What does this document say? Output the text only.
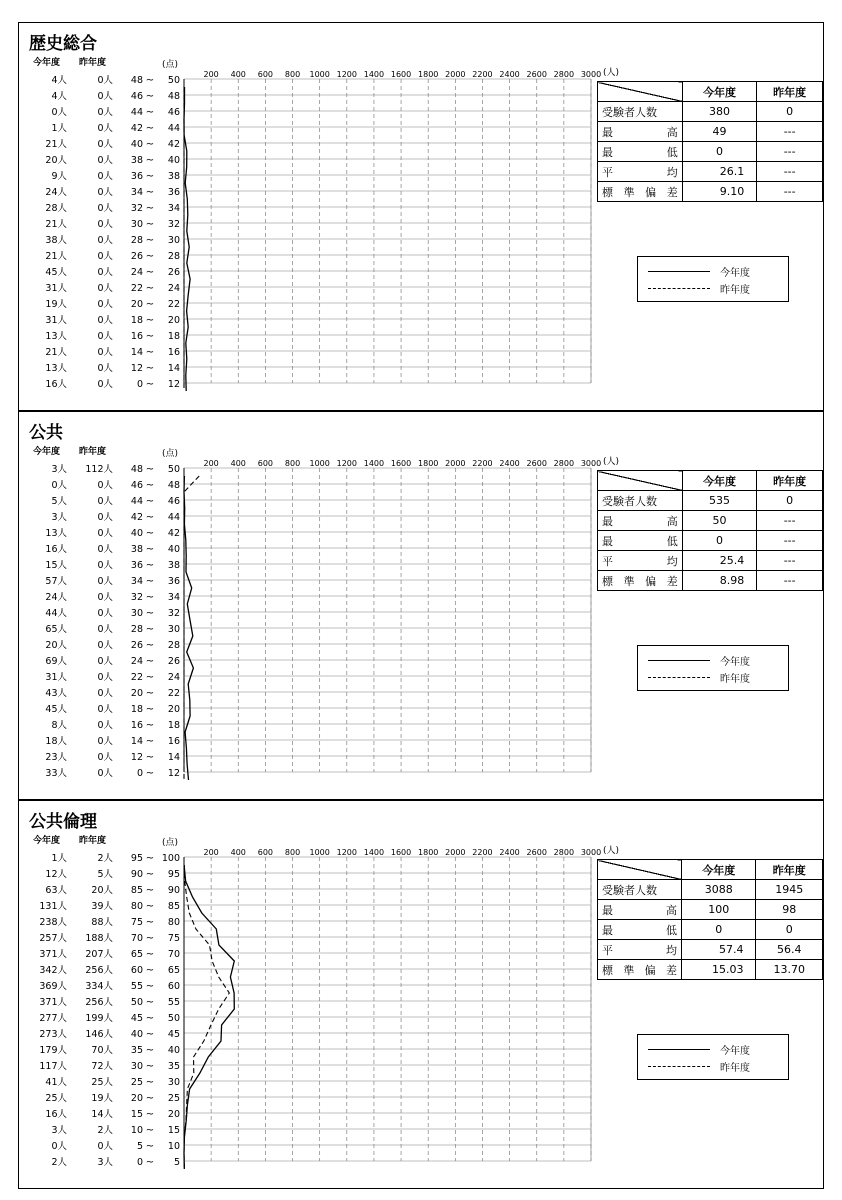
歴史総合
今年度 昨年度	(点)
(人)
200 400 600 800 1000 1200 1400 1600 1800 2000 2200 2400 2600 2800 3000
4人	0人 48 ~ 50
4人	0人 46 ~ 48
0人	0人 44 ~ 46
1人	0人 42 ~ 44
21人	0人 40 ~ 42
20人	0人 38 ~ 40
9人	0人 36 ~ 38
24人	0人 34 ~ 36
28人	0人 32 ~ 34
21人	0人 30 ~ 32
38人	0人 28 ~ 30
21人	0人 26 ~ 28
45人	0人 24 ~ 26
31人	0人 22 ~ 24
19人	0人 20 ~ 22
31人	0人 18 ~ 20
13人	0人 16 ~ 18
21人	0人 14 ~ 16
13人	0人 12 ~ 14
16人	0人	0 ~ 12
	今年度	昨年度
受験者人数	380	0

最 高	49	---

最 低	0	---

平 均	26.1	---

標 準 偏 差	9.10	---
今年度
昨年度
公共
今年度 昨年度	(点)
(人)
200 400 600 800 1000 1200 1400 1600 1800 2000 2200 2400 2600 2800 3000
3人 112人 48 ~ 50
0人	0人 46 ~ 48
5人	0人 44 ~ 46
3人	0人 42 ~ 44
13人	0人 40 ~ 42
16人	0人 38 ~ 40
15人	0人 36 ~ 38
57人	0人 34 ~ 36
24人	0人 32 ~ 34
44人	0人 30 ~ 32
65人	0人 28 ~ 30
20人	0人 26 ~ 28
69人	0人 24 ~ 26
31人	0人 22 ~ 24
43人	0人 20 ~ 22
45人	0人 18 ~ 20
8人	0人 16 ~ 18
18人	0人 14 ~ 16
23人	0人 12 ~ 14
33人	0人	0 ~ 12
	今年度	昨年度
受験者人数	535	0

最 高	50	---

最 低	0	---

平 均	25.4	---

標 準 偏 差	8.98	---
今年度
昨年度
公共倫理
今年度 昨年度	(点)
(人)
200 400 600 800 1000 1200 1400 1600 1800 2000 2200 2400 2600 2800 3000
1人	2人 95 ~ 100
12人	5人 90 ~ 95
63人	20人 85 ~ 90
131人	39人 80 ~ 85
238人	88人 75 ~ 80
257人 188人 70 ~ 75
371人 207人 65 ~ 70
342人 256人 60 ~ 65
369人 334人 55 ~ 60
371人 256人 50 ~ 55
277人 199人 45 ~ 50
273人 146人 40 ~ 45
179人	70人 35 ~ 40
117人	72人 30 ~ 35
41人	25人 25 ~ 30
25人	19人 20 ~ 25
16人	14人 15 ~ 20
3人	2人 10 ~ 15
0人	0人	5 ~ 10
2人	3人	0 ~ 5
	今年度	昨年度
受験者人数	3088	1945

最 高	100	98

最 低	0	0

平 均	57.4	56.4

標 準 偏 差	15.03	13.70
今年度
昨年度
